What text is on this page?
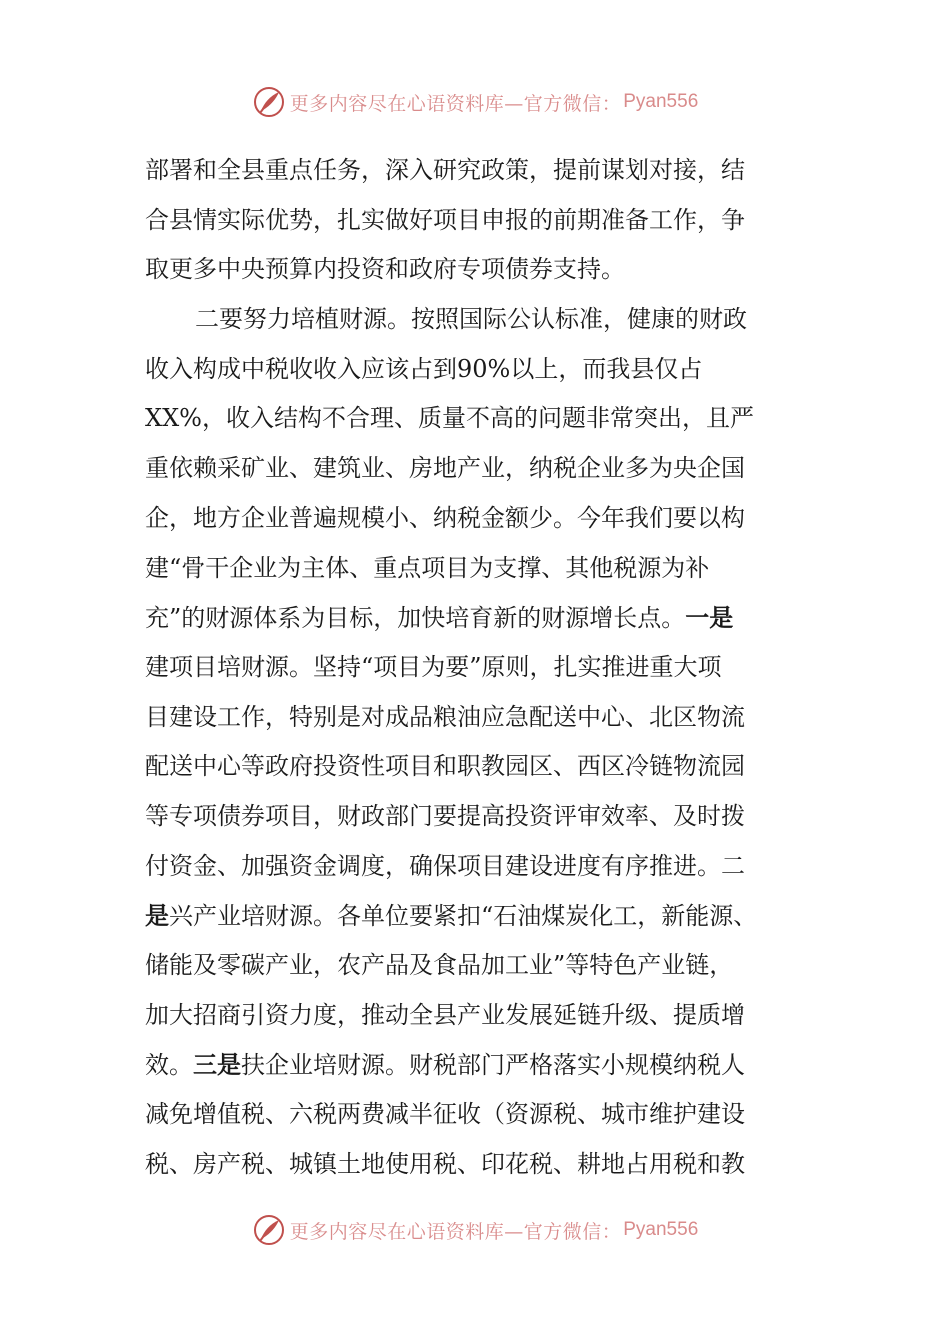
更多内容尽在心语资料库—官方微信： Pyan556
部署和全县重点任务，深入研究政策，提前谋划对接，结
合县情实际优势，扎实做好项目申报的前期准备工作，争
取更多中央预算内投资和政府专项债券支持。
二要努力培植财源。按照国际公认标准，健康的财政
收入构成中税收收入应该占到90%以上，而我县仅占
XX%，收入结构不合理、质量不高的问题非常突出，且严
重依赖采矿业、建筑业、房地产业，纳税企业多为央企国
企，地方企业普遍规模小、纳税金额少。今年我们要以构
建“骨干企业为主体、重点项目为支撑、其他税源为补
充”的财源体系为目标，加快培育新的财源增长点。一是
建项目培财源。坚持“项目为要”原则，扎实推进重大项
目建设工作，特别是对成品粮油应急配送中心、北区物流
配送中心等政府投资性项目和职教园区、西区冷链物流园
等专项债券项目，财政部门要提高投资评审效率、及时拨
付资金、加强资金调度，确保项目建设进度有序推进。二
是兴产业培财源。各单位要紧扣“石油煤炭化工，新能源、
储能及零碳产业，农产品及食品加工业”等特色产业链，
加大招商引资力度，推动全县产业发展延链升级、提质增
效。三是扶企业培财源。财税部门严格落实小规模纳税人
减免增值税、六税两费减半征收（资源税、城市维护建设
税、房产税、城镇土地使用税、印花税、耕地占用税和教
更多内容尽在心语资料库—官方微信： Pyan556
